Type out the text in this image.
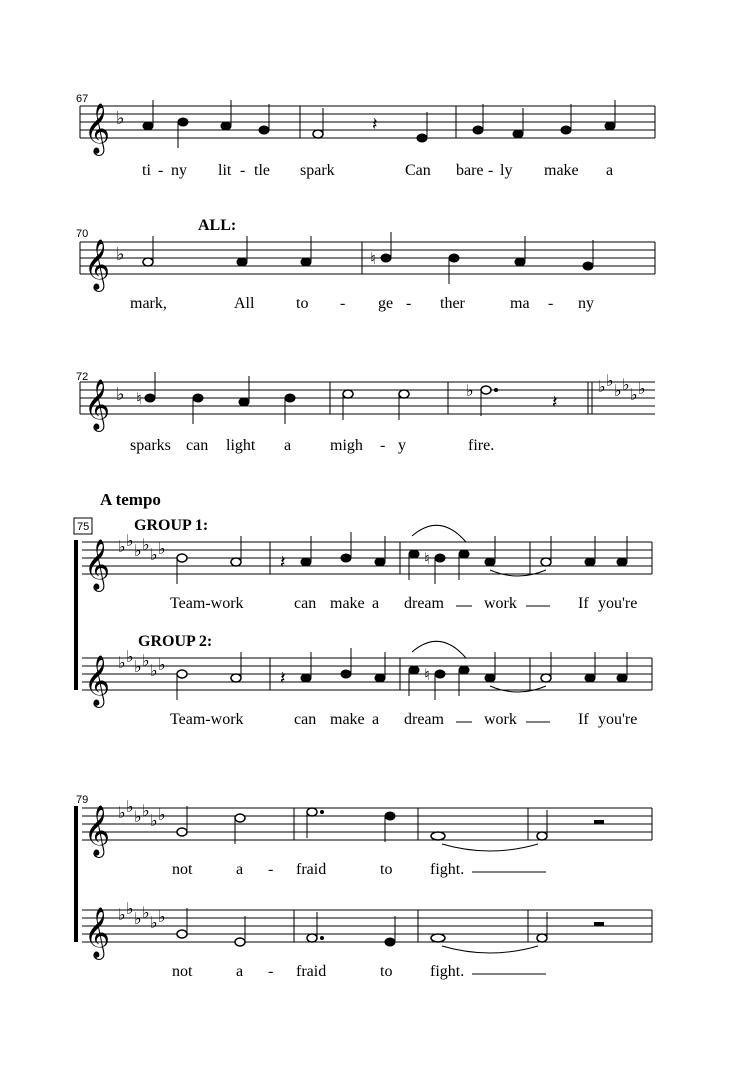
67
𝄞 ♭	𝄽
ti - ny lit - tle spark	Can bare - ly make a
70	ALL:
𝄞 ♭	♮
mark,	All	to - ge - ther	ma - ny
72
𝄞 ♭ ♮	♭
𝄽
♭ ♭
♭ ♭
♭ ♭
sparks can light a migh - y	fire.
A tempo
75	GROUP 1:
𝄞 ♭ ♭
♭ ♭
♭ ♭
𝄽	♮
Team-work	can make a dream	work	If you're
GROUP 2:
𝄞 ♭ ♭
♭ ♭
♭ ♭
𝄽	♮
Team-work	can make a dream	work	If you're
79
𝄞 ♭ ♭
♭ ♭
♭ ♭
not	a - fraid	to fight.
𝄞 ♭ ♭
♭ ♭
♭ ♭
not	a - fraid	to fight.
